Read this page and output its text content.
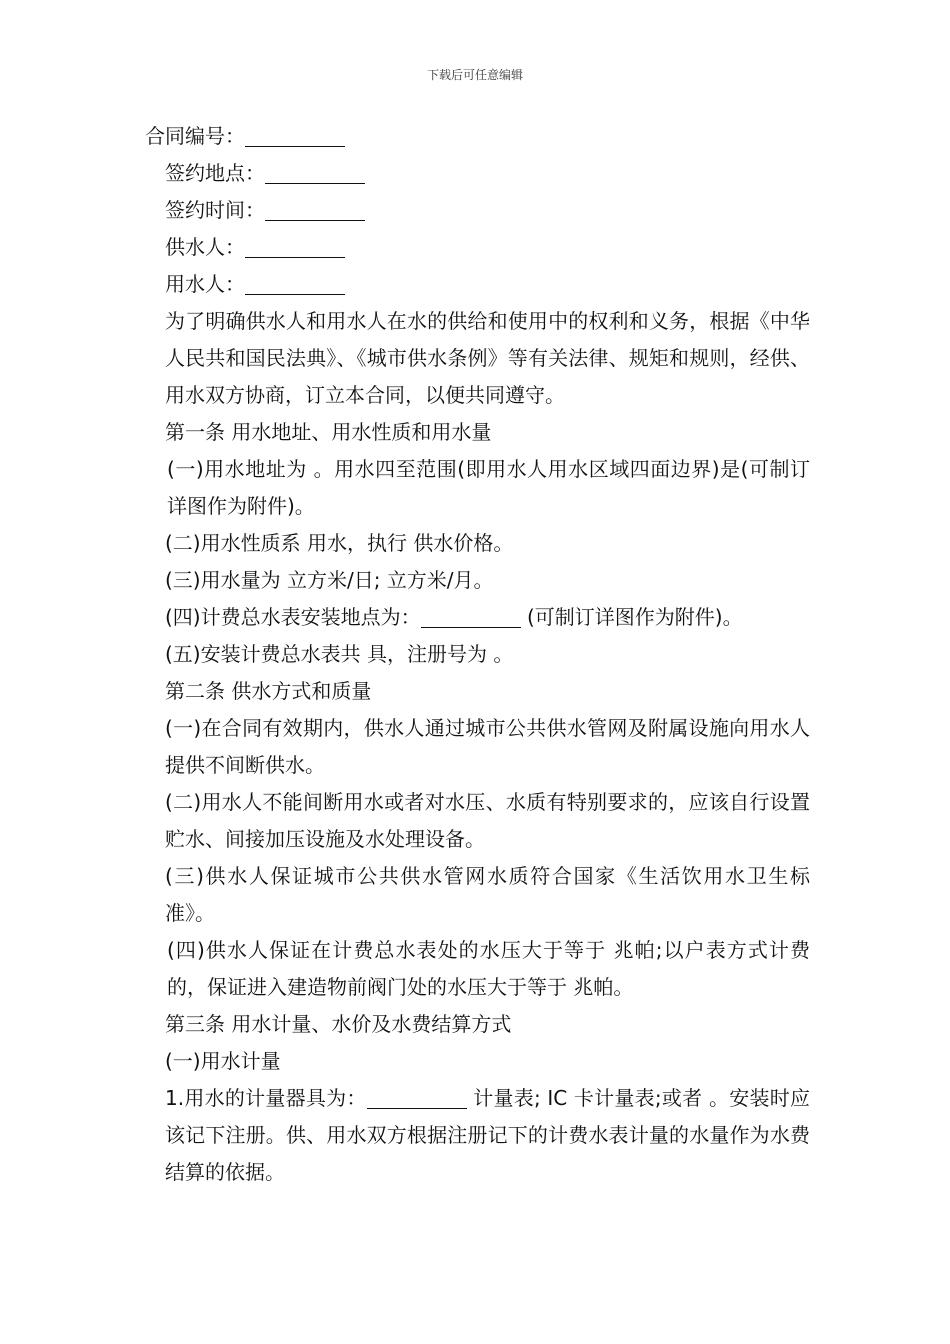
下载后可任意编辑

合同编号：

签约地点：

签约时间：

供水人：

用水人：

为了明确供水人和用水人在水的供给和使用中的权利和义务，根据《中华人民共和国民法典》、《城市供水条例》等有关法律、规矩和规则，经供、用水双方协商，订立本合同，以便共同遵守。

第一条 用水地址、用水性质和用水量

(一)用水地址为 。用水四至范围(即用水人用水区域四面边界)是(可制订详图作为附件)。

(二)用水性质系 用水，执行 供水价格。

(三)用水量为 立方米/日; 立方米/月。

(四)计费总水表安装地点为：	(可制订详图作为附件)。

(五)安装计费总水表共 具，注册号为 。

第二条 供水方式和质量

(一)在合同有效期内，供水人通过城市公共供水管网及附属设施向用水人提供不间断供水。

(二)用水人不能间断用水或者对水压、水质有特别要求的，应该自行设置贮水、间接加压设施及水处理设备。

(三)供水人保证城市公共供水管网水质符合国家《生活饮用水卫生标准》。

(四)供水人保证在计费总水表处的水压大于等于 兆帕;以户表方式计费的，保证进入建造物前阀门处的水压大于等于 兆帕。

第三条 用水计量、水价及水费结算方式

(一)用水计量

1.用水的计量器具为：	计量表; IC 卡计量表;或者 。安装时应该记下注册。供、用水双方根据注册记下的计费水表计量的水量作为水费结算的依据。
